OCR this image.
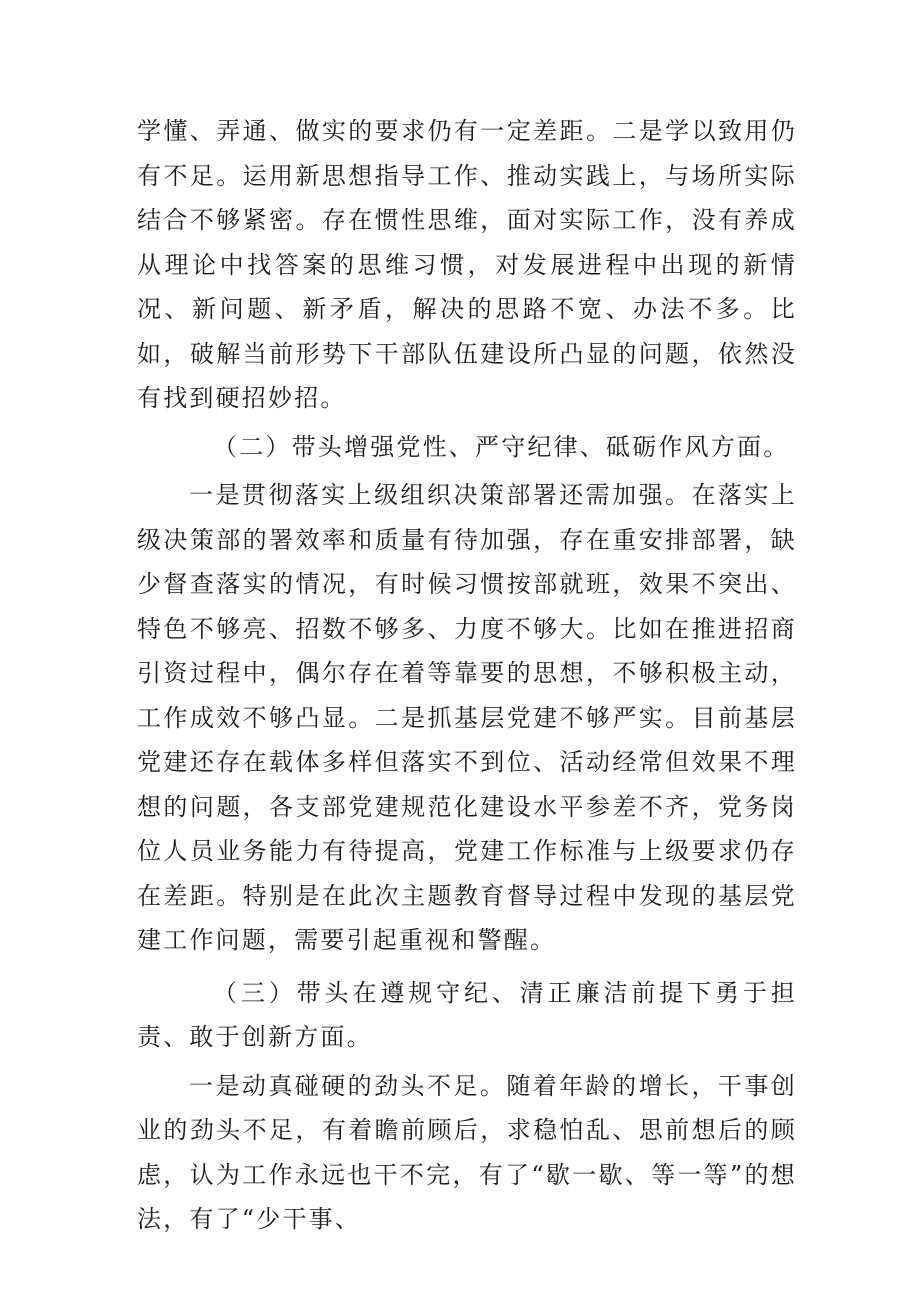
学懂、弄通、做实的要求仍有一定差距。二是学以致用仍有不足。运用新思想指导工作、推动实践上，与场所实际结合不够紧密。存在惯性思维，面对实际工作，没有养成从理论中找答案的思维习惯，对发展进程中出现的新情况、新问题、新矛盾，解决的思路不宽、办法不多。比如，破解当前形势下干部队伍建设所凸显的问题，依然没有找到硬招妙招。

（二）带头增强党性、严守纪律、砥砺作风方面。

一是贯彻落实上级组织决策部署还需加强。在落实上级决策部的署效率和质量有待加强，存在重安排部署，缺少督查落实的情况，有时候习惯按部就班，效果不突出、特色不够亮、招数不够多、力度不够大。比如在推进招商引资过程中，偶尔存在着等靠要的思想，不够积极主动，工作成效不够凸显。二是抓基层党建不够严实。目前基层党建还存在载体多样但落实不到位、活动经常但效果不理想的问题，各支部党建规范化建设水平参差不齐，党务岗位人员业务能力有待提高，党建工作标准与上级要求仍存在差距。特别是在此次主题教育督导过程中发现的基层党建工作问题，需要引起重视和警醒。

（三）带头在遵规守纪、清正廉洁前提下勇于担责、敢于创新方面。

一是动真碰硬的劲头不足。随着年龄的增长，干事创业的劲头不足，有着瞻前顾后，求稳怕乱、思前想后的顾虑，认为工作永远也干不完，有了“歇一歇、等一等”的想法，有了“少干事、
